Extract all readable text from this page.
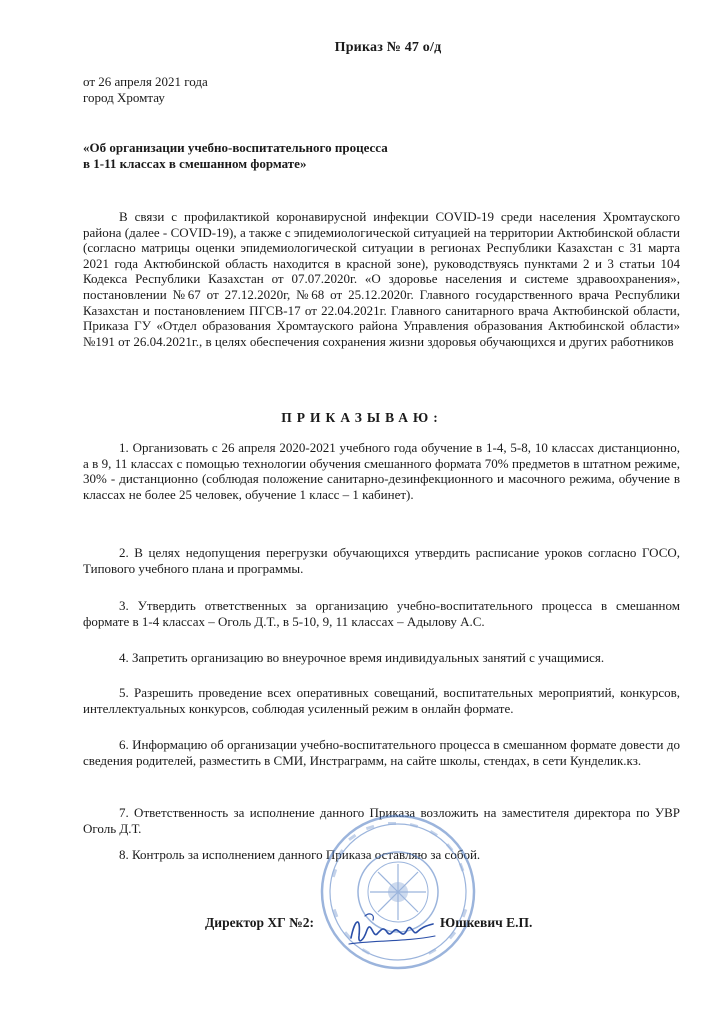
Приказ № 47 о/д
от 26 апреля 2021 года
город Хромтау
«Об организации учебно-воспитательного процесса
в 1-11 классах в смешанном формате»
В связи с профилактикой коронавирусной инфекции COVID-19 среди населения Хромтауского района (далее - COVID-19), а также с эпидемиологической ситуацией на территории Актюбинской области (согласно матрицы оценки эпидемиологической ситуации в регионах Республики Казахстан с 31 марта 2021 года Актюбинской область находится в красной зоне), руководствуясь пунктами 2 и 3 статьи 104 Кодекса Республики Казахстан от 07.07.2020г. «О здоровье населения и системе здравоохранения», постановлении №67 от 27.12.2020г, №68 от 25.12.2020г. Главного государственного врача Республики Казахстан и постановлением ПГСВ-17 от 22.04.2021г. Главного санитарного врача Актюбинской области, Приказа ГУ «Отдел образования Хромтауского района Управления образования Актюбинской области» №191 от 26.04.2021г., в целях обеспечения сохранения жизни здоровья обучающихся и других работников
ПРИКАЗЫВАЮ:
1. Организовать с 26 апреля 2020-2021 учебного года обучение в 1-4, 5-8, 10 классах дистанционно, а в 9, 11 классах с помощью технологии обучения смешанного формата 70% предметов в штатном режиме, 30% - дистанционно (соблюдая положение санитарно-дезинфекционного и масочного режима, обучение в классах не более 25 человек, обучение 1 класс – 1 кабинет).
2. В целях недопущения перегрузки обучающихся утвердить расписание уроков согласно ГОСО, Типового учебного плана и программы.
3. Утвердить ответственных за организацию учебно-воспитательного процесса в смешанном формате в 1-4 классах – Оголь Д.Т., в 5-10, 9, 11 классах – Адылову А.С.
4. Запретить организацию во внеурочное время индивидуальных занятий с учащимися.
5. Разрешить проведение всех оперативных совещаний, воспитательных мероприятий, конкурсов, интеллектуальных конкурсов, соблюдая усиленный режим в онлайн формате.
6. Информацию об организации учебно-воспитательного процесса в смешанном формате довести до сведения родителей, разместить в СМИ, Инстраграмм, на сайте школы, стендах, в сети Кунделик.кз.
7. Ответственность за исполнение данного Приказа возложить на заместителя директора по УВР Оголь Д.Т.
8. Контроль за исполнением данного Приказа оставляю за собой.
Директор ХГ №2:	Юшкевич Е.П.
